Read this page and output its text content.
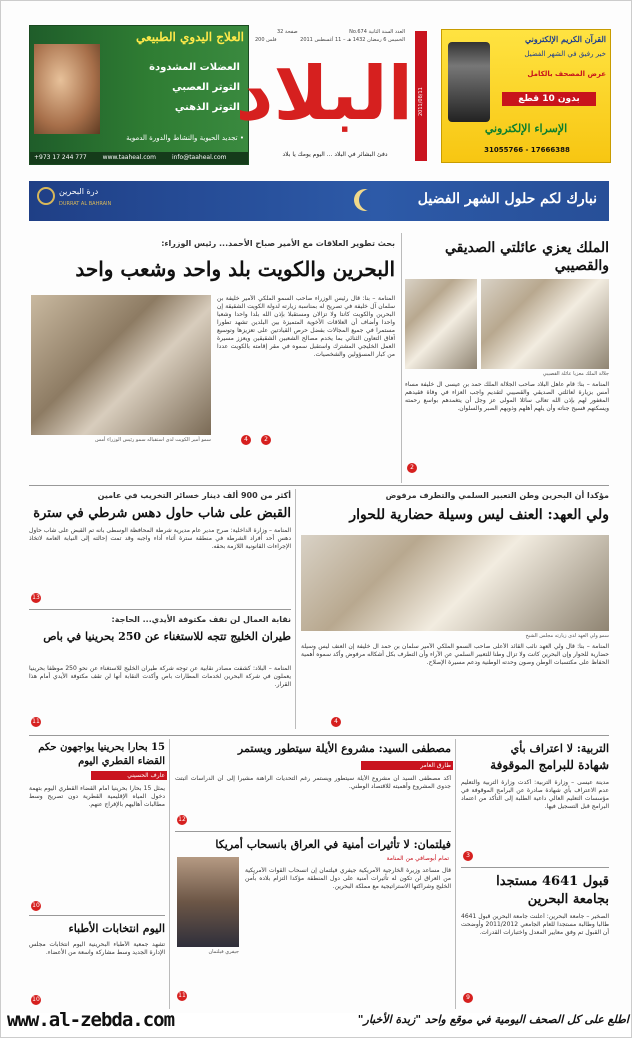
العلاج اليدوي الطبيعي
العضلات المشدودة
التوتر العصبي
التوتر الذهني
• تجديد الحيوية والنشاط والدورة الدموية
+973 17 244 777	www.taaheal.com	info@taaheal.com
العدد السنة الثانية No.674
الخميس 6 رمضان 1432 هـ – 11 أغسطس 2011
32 صفحة
200 فلس
البلاد
دفئ البشائر في البلاد ... اليوم يومك يا بلاد
2011/08/11
القرآن الكريم الإلكتروني
خير رفيق في الشهر الفضيل
عرض المصحف بالكامل
بدون 10 قطع
الإسراء الإلكتروني
31055766 - 17666388
درة البحرين
DURRAT AL BAHRAIN	نبارك لكم حلول الشهر الفضيل
بحث تطوير العلاقات مع الأمير صباح الأحمد... رئيس الوزراء:
البحرين والكويت بلد واحد وشعب واحد
سمو أمير الكويت لدى استقباله سمو رئيس الوزراء أمس
المنامة – بنا: قال رئيس الوزراء صاحب السمو الملكي الأمير خليفة بن سلمان آل خليفة في تصريح له بمناسبة زيارته لدولة الكويت الشقيقة إن البحرين والكويت كانتا ولا تزالان ومستقبلا بإذن الله بلدا واحدا وشعبا واحدا وأضاف أن العلاقات الأخوية المتميزة بين البلدين تشهد تطورا مستمرا في جميع المجالات بفضل حرص القيادتين على تعزيزها وتوسيع آفاق التعاون الثنائي بما يخدم مصالح الشعبين الشقيقين ويعزز مسيرة العمل الخليجي المشترك واستقبل سموه في مقر إقامته بالكويت عددا من كبار المسؤولين والشخصيات.
2
4
الملك يعزي عائلتي الصديقي والقصيبي
جلالة الملك معزيا عائلة القصيبي
المنامة – بنا: قام عاهل البلاد صاحب الجلالة الملك حمد بن عيسى آل خليفة مساء أمس بزيارة لعائلتي الصديقي والقصيبي لتقديم واجب العزاء في وفاة فقيدهم المغفور لهم بإذن الله تعالى سائلا المولى عز وجل أن يتغمدهم بواسع رحمته ويسكنهم فسيح جناته وأن يلهم أهلهم وذويهم الصبر والسلوان.
2
مؤكدا أن البحرين وطن التعبير السلمي والتطرف مرفوض
ولي العهد: العنف ليس وسيلة حضارية للحوار
سمو ولي العهد لدى زيارته مجلس الشيخ
المنامة – بنا: قال ولي العهد نائب القائد الأعلى صاحب السمو الملكي الأمير سلمان بن حمد آل خليفة إن العنف ليس وسيلة حضارية للحوار وإن البحرين كانت ولا تزال وطنا للتعبير السلمي عن الآراء وأن التطرف بكل أشكاله مرفوض وأكد سموه أهمية الحفاظ على مكتسبات الوطن وصون وحدته الوطنية ودعم مسيرة الإصلاح.
4
أكثر من 900 ألف دينار خسائر التخريب في عامين
القبض على شاب حاول دهس شرطي في سترة
المنامة – وزارة الداخلية: صرح مدير عام مديرية شرطة المحافظة الوسطى بأنه تم القبض على شاب حاول دهس أحد أفراد الشرطة في منطقة سترة أثناء أداء واجبه وقد تمت إحالته إلى النيابة العامة لاتخاذ الإجراءات القانونية اللازمة بحقه.
13
نقابة العمال لن تقف مكتوفة الأيدي... الحاجة:
طيران الخليج تتجه للاستغناء عن 250 بحرينيا في باص
المنامة – البلاد: كشفت مصادر نقابية عن توجه شركة طيران الخليج للاستغناء عن نحو 250 موظفا بحرينيا يعملون في شركة البحرين لخدمات المطارات باص وأكدت النقابة أنها لن تقف مكتوفة الأيدي أمام هذا القرار.
11
التربية: لا اعتراف بأي
شهادة للبرامج الموقوفة
مدينة عيسى – وزارة التربية: أكدت وزارة التربية والتعليم عدم الاعتراف بأي شهادة صادرة عن البرامج الموقوفة في مؤسسات التعليم العالي داعية الطلبة إلى التأكد من اعتماد البرامج قبل التسجيل فيها.
3
قبول 4641 مستجدا بجامعة البحرين
الصخير – جامعة البحرين: أعلنت جامعة البحرين قبول 4641 طالبا وطالبة مستجدا للعام الجامعي 2011/2012 وأوضحت أن القبول تم وفق معايير المعدل واختبارات القدرات.
9
مصطفى السيد: مشروع الأيلة سيتطور ويستمر
طارق العامر
أكد مصطفى السيد أن مشروع الأيلة سيتطور ويستمر رغم التحديات الراهنة مشيرا إلى أن الدراسات أثبتت جدوى المشروع وأهميته للاقتصاد الوطني.
12
فيلتمان: لا تأثيرات أمنية في العراق بانسحاب أمريكا
تمام أبوصافي من المنامة
جيفري فيلتمان
قال مساعد وزيرة الخارجية الأمريكية جيفري فيلتمان إن انسحاب القوات الأمريكية من العراق لن تكون له تأثيرات أمنية على دول المنطقة مؤكدا التزام بلاده بأمن الخليج وشراكتها الاستراتيجية مع مملكة البحرين.
11
15 بحارا بحرينيا يواجهون حكم القضاء القطري اليوم
عارف الحسيني
يمثل 15 بحارا بحرينيا أمام القضاء القطري اليوم بتهمة دخول المياه الإقليمية القطرية دون تصريح وسط مطالبات أهاليهم بالإفراج عنهم.
10
اليوم انتخابات الأطباء
تشهد جمعية الأطباء البحرينية اليوم انتخابات مجلس الإدارة الجديد وسط مشاركة واسعة من الأعضاء.
10
www.al-zebda.com	اطلع على كل الصحف اليومية في موقع واحد "زبدة الأخبار"
